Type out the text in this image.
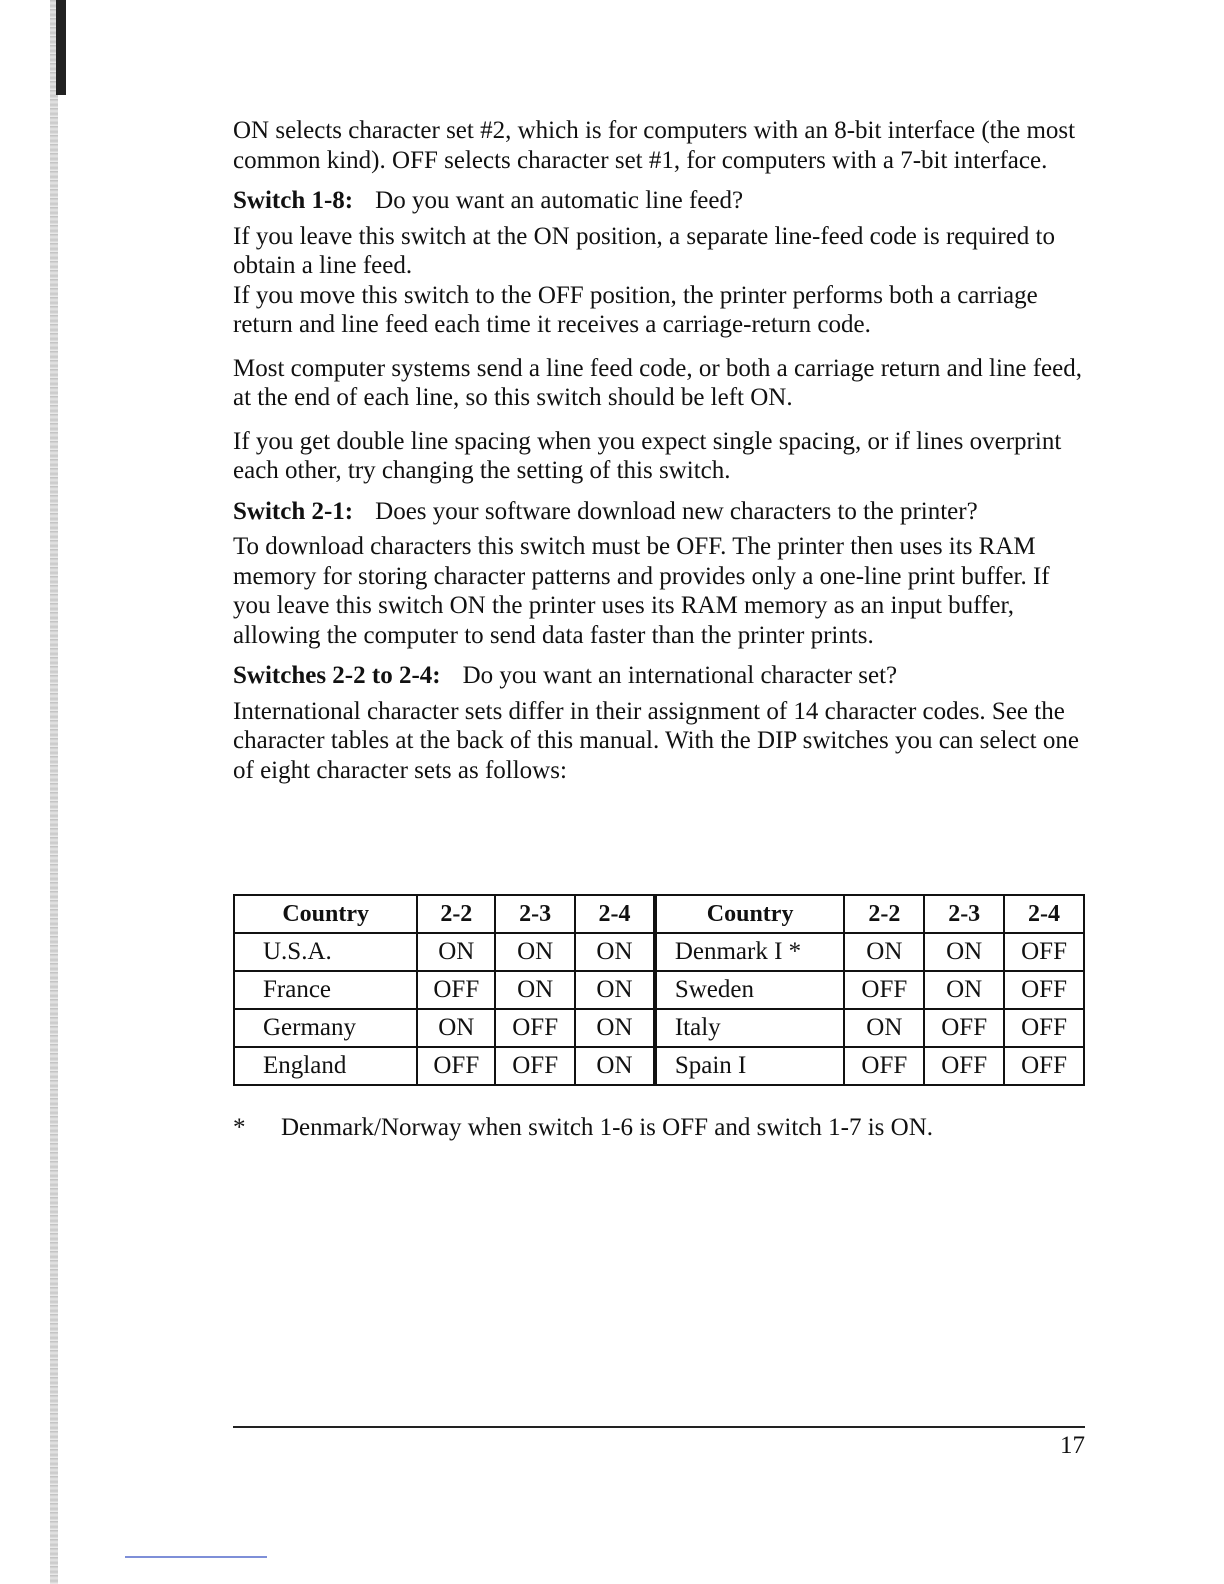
ON selects character set #2, which is for computers with an 8-bit interface (the most common kind). OFF selects character set #1, for computers with a 7-bit interface.

Switch 1-8: Do you want an automatic line feed?

If you leave this switch at the ON position, a separate line-feed code is required to obtain a line feed.

If you move this switch to the OFF position, the printer performs both a carriage return and line feed each time it receives a carriage-return code.

Most computer systems send a line feed code, or both a carriage return and line feed, at the end of each line, so this switch should be left ON.

If you get double line spacing when you expect single spacing, or if lines overprint each other, try changing the setting of this switch.

Switch 2-1: Does your software download new characters to the printer?

To download characters this switch must be OFF. The printer then uses its RAM memory for storing character patterns and provides only a one-line print buffer. If you leave this switch ON the printer uses its RAM memory as an input buffer, allowing the computer to send data faster than the printer prints.

Switches 2-2 to 2-4: Do you want an international character set?

International character sets differ in their assignment of 14 character codes. See the character tables at the back of this manual. With the DIP switches you can select one of eight character sets as follows:

Country	2-2	2-3	2-4	Country	2-2	2-3	2-4
U.S.A.	ON	ON	ON	Denmark I *	ON	ON	OFF
France	OFF	ON	ON	Sweden	OFF	ON	OFF
Germany	ON	OFF	ON	Italy	ON	OFF	OFF
England	OFF	OFF	ON	Spain I	OFF	OFF	OFF
* Denmark/Norway when switch 1-6 is OFF and switch 1-7 is ON.
17
